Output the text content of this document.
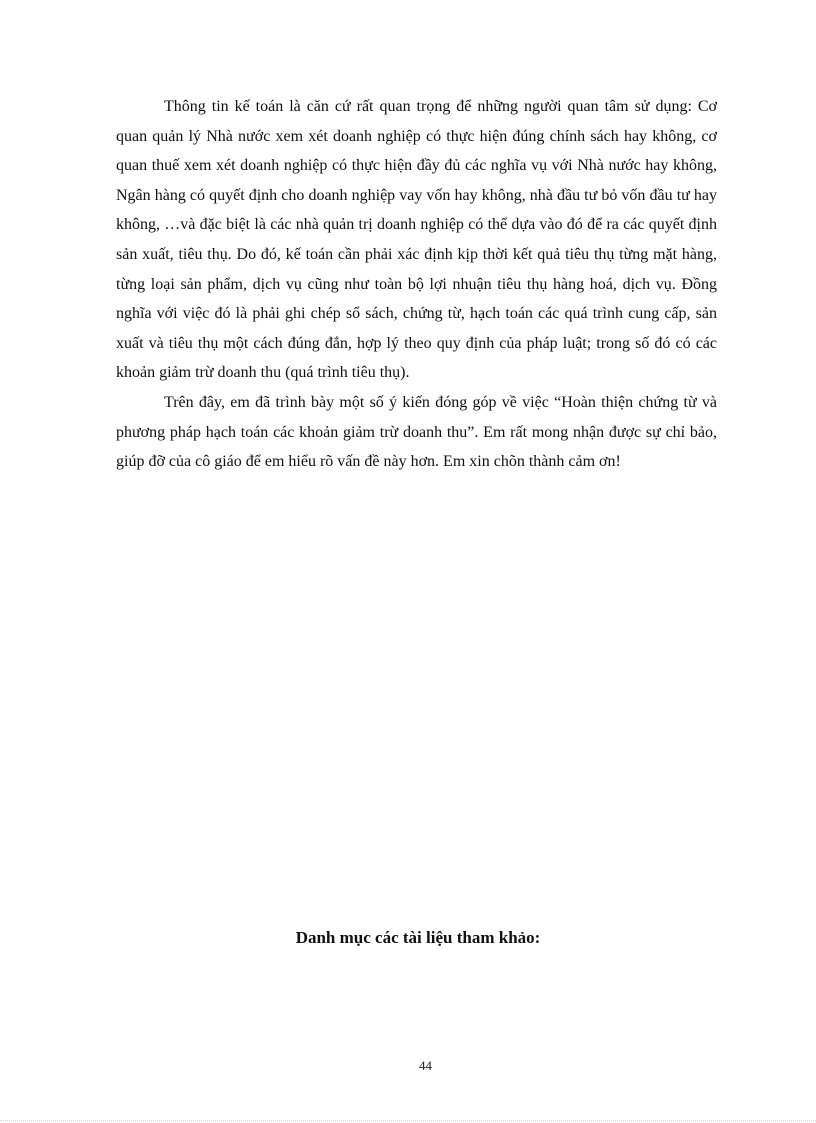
Thông tin kế toán là căn cứ rất quan trọng để những người quan tâm sử dụng: Cơ quan quản lý Nhà nước xem xét doanh nghiệp có thực hiện đúng chính sách hay không, cơ quan thuế xem xét doanh nghiệp có thực hiện đầy đủ các nghĩa vụ với Nhà nước hay không, Ngân hàng có quyết định cho doanh nghiệp vay vốn hay không, nhà đầu tư bỏ vốn đầu tư hay không, …và đặc biệt là các nhà quản trị doanh nghiệp có thể dựa vào đó để ra các quyết định sản xuất, tiêu thụ. Do đó, kế toán cần phải xác định kịp thời kết quả tiêu thụ từng mặt hàng, từng loại sản phẩm, dịch vụ cũng như toàn bộ lợi nhuận tiêu thụ hàng hoá, dịch vụ. Đồng nghĩa với việc đó là phải ghi chép sổ sách, chứng từ, hạch toán các quá trình cung cấp, sản xuất và tiêu thụ một cách đúng đắn, hợp lý theo quy định của pháp luật; trong số đó có các khoản giảm trừ doanh thu (quá trình tiêu thụ).

Trên đây, em đã trình bày một số ý kiến đóng góp về việc “Hoàn thiện chứng từ và phương pháp hạch toán các khoản giảm trừ doanh thu”. Em rất mong nhận được sự chỉ bảo, giúp đỡ của cô giáo để em hiểu rõ vấn đề này hơn. Em xin chõn thành cảm ơn!

Danh mục các tài liệu tham khảo:
44
